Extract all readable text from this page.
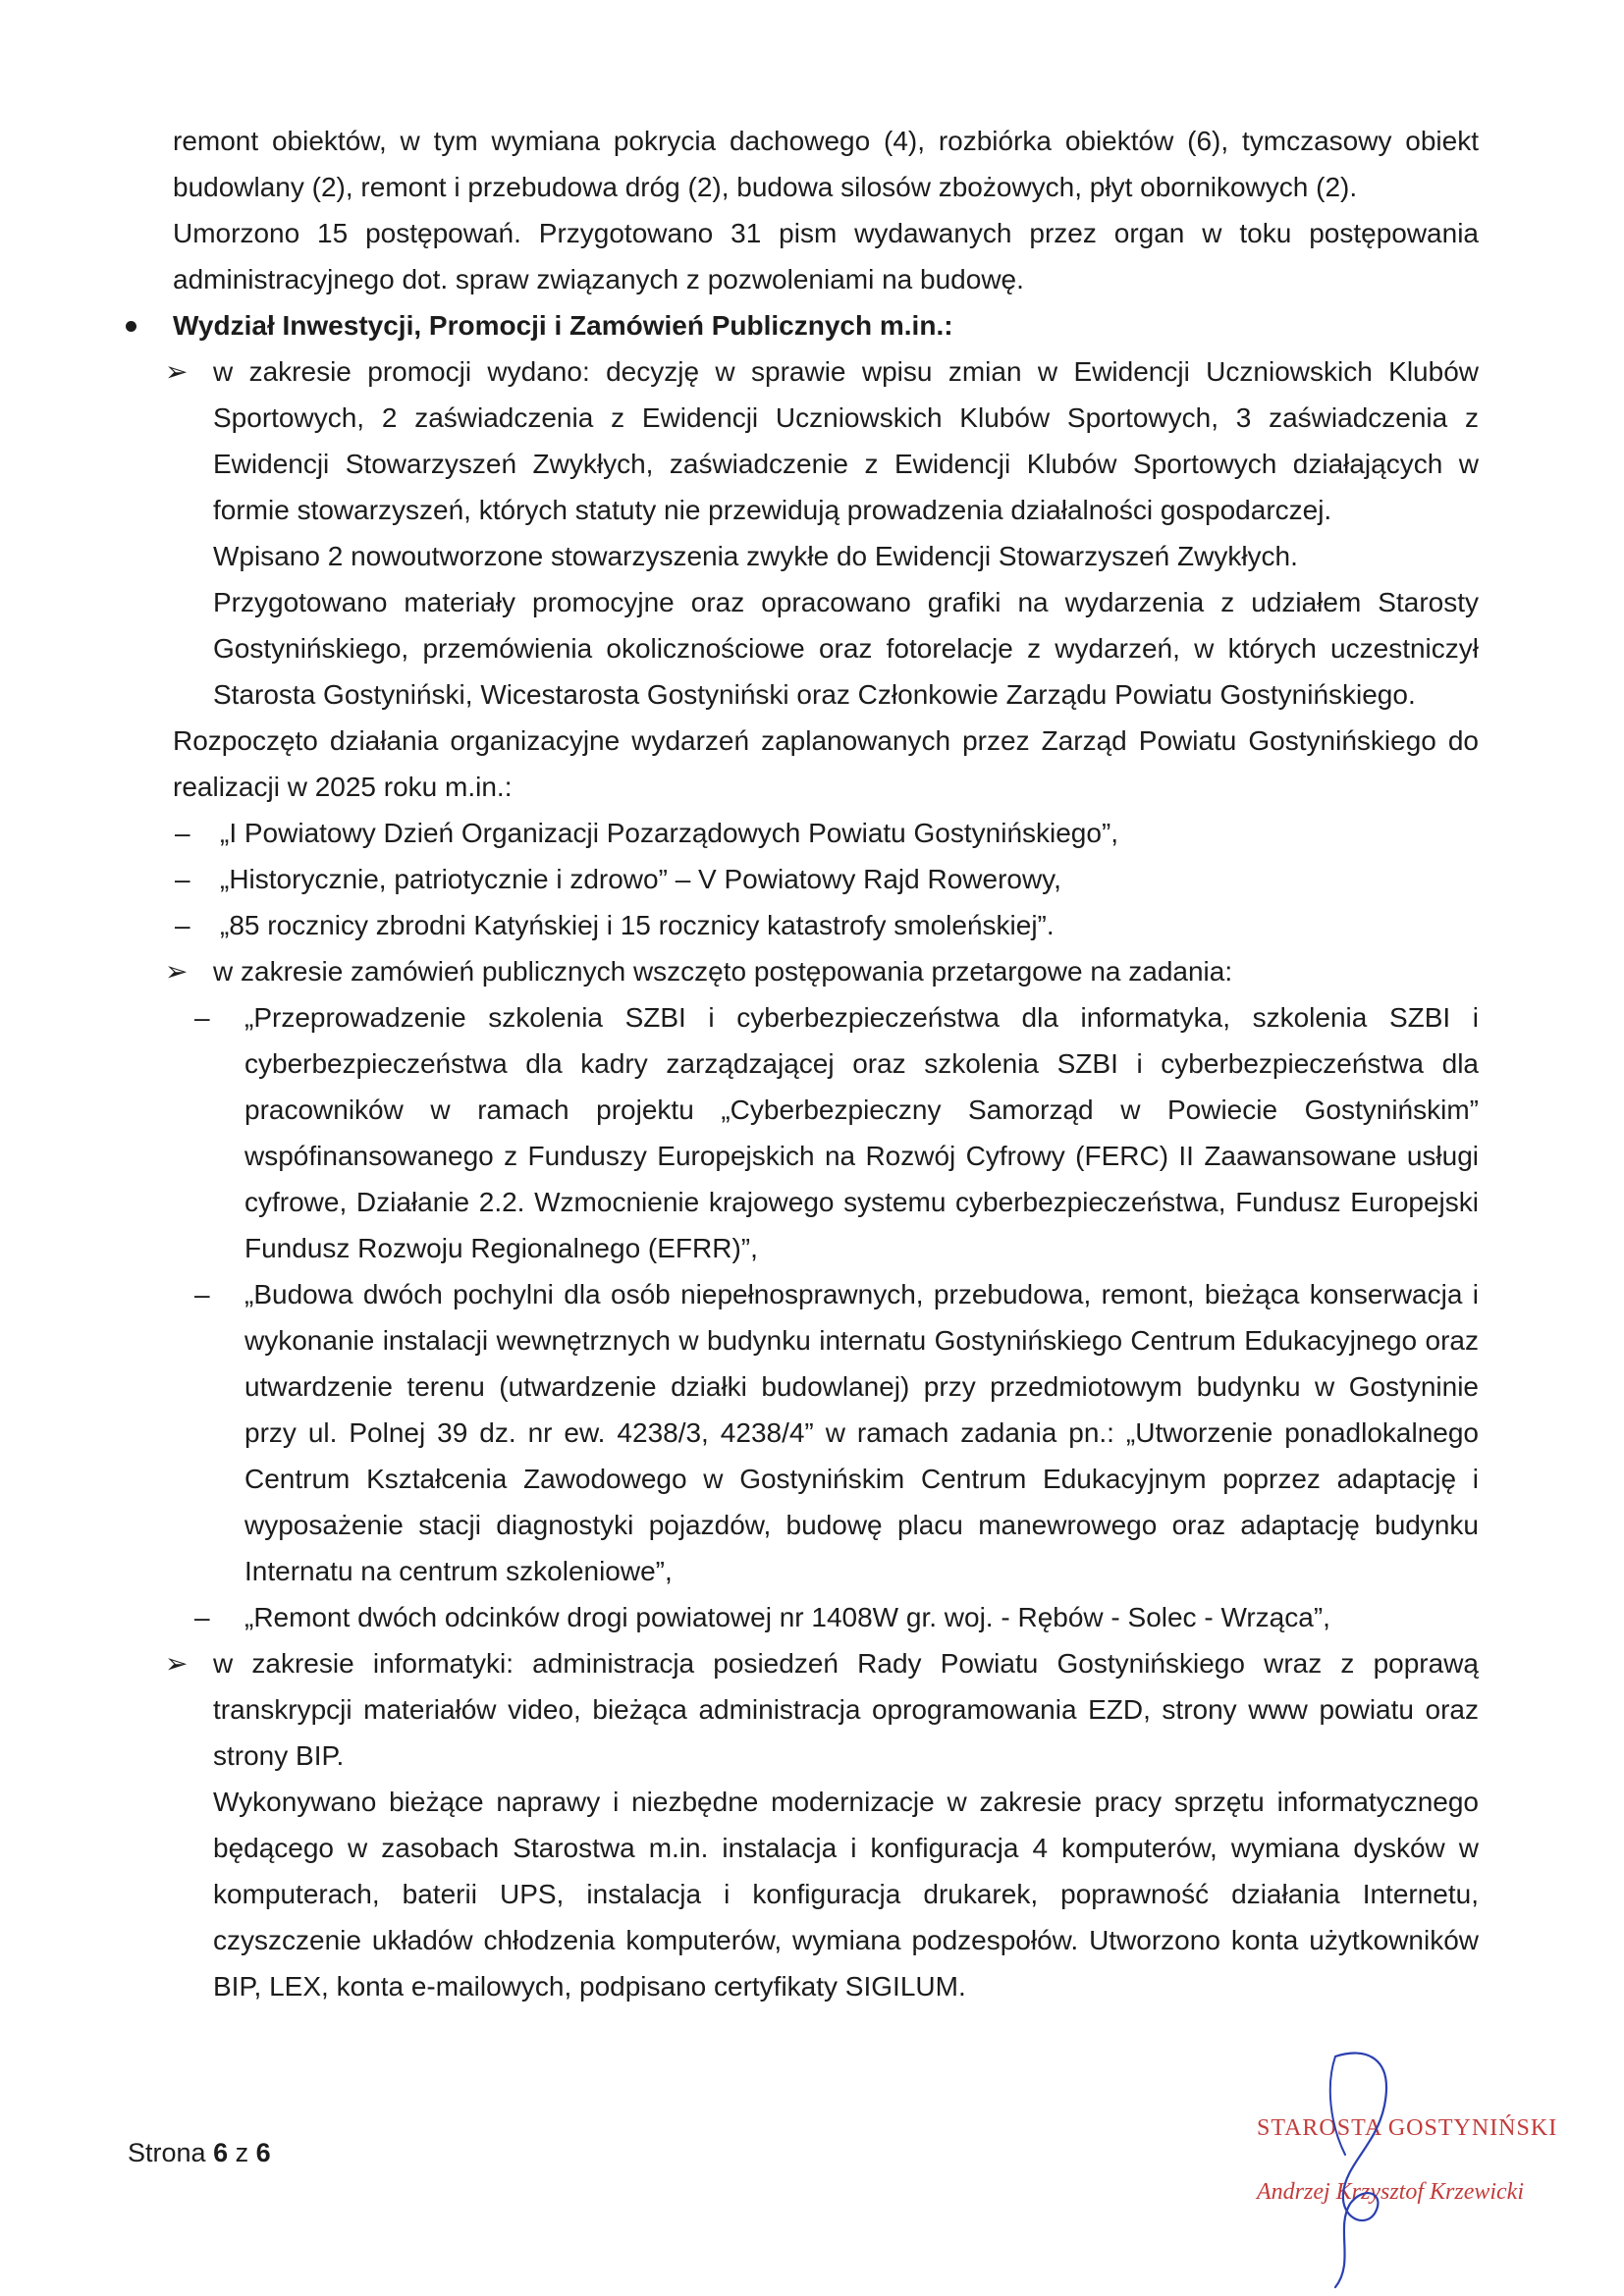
remont obiektów, w tym wymiana pokrycia dachowego (4), rozbiórka obiektów (6), tymczasowy obiekt budowlany (2), remont i przebudowa dróg (2), budowa silosów zbożowych, płyt obornikowych (2).

Umorzono 15 postępowań. Przygotowano 31 pism wydawanych przez organ w toku postępowania administracyjnego dot. spraw związanych z pozwoleniami na budowę.

Wydział Inwestycji, Promocji i Zamówień Publicznych m.in.:
➢ w zakresie promocji wydano: decyzję w sprawie wpisu zmian w Ewidencji Uczniowskich Klubów Sportowych, 2 zaświadczenia z Ewidencji Uczniowskich Klubów Sportowych, 3 zaświadczenia z Ewidencji Stowarzyszeń Zwykłych, zaświadczenie z Ewidencji Klubów Sportowych działających w formie stowarzyszeń, których statuty nie przewidują prowadzenia działalności gospodarczej.

Wpisano 2 nowoutworzone stowarzyszenia zwykłe do Ewidencji Stowarzyszeń Zwykłych.

Przygotowano materiały promocyjne oraz opracowano grafiki na wydarzenia z udziałem Starosty Gostynińskiego, przemówienia okolicznościowe oraz fotorelacje z wydarzeń, w których uczestniczył Starosta Gostyniński, Wicestarosta Gostyniński oraz Członkowie Zarządu Powiatu Gostynińskiego.

Rozpoczęto działania organizacyjne wydarzeń zaplanowanych przez Zarząd Powiatu Gostynińskiego do realizacji w 2025 roku m.in.:

– „I Powiatowy Dzień Organizacji Pozarządowych Powiatu Gostynińskiego”,
– „Historycznie, patriotycznie i zdrowo” – V Powiatowy Rajd Rowerowy,
– „85 rocznicy zbrodni Katyńskiej i 15 rocznicy katastrofy smoleńskiej”.
➢ w zakresie zamówień publicznych wszczęto postępowania przetargowe na zadania:

– „Przeprowadzenie szkolenia SZBI i cyberbezpieczeństwa dla informatyka, szkolenia SZBI i cyberbezpieczeństwa dla kadry zarządzającej oraz szkolenia SZBI i cyberbezpieczeństwa dla pracowników w ramach projektu „Cyberbezpieczny Samorząd w Powiecie Gostynińskim” wspófinansowanego z Funduszy Europejskich na Rozwój Cyfrowy (FERC) II Zaawansowane usługi cyfrowe, Działanie 2.2. Wzmocnienie krajowego systemu cyberbezpieczeństwa, Fundusz Europejski Fundusz Rozwoju Regionalnego (EFRR)”,
– „Budowa dwóch pochylni dla osób niepełnosprawnych, przebudowa, remont, bieżąca konserwacja i wykonanie instalacji wewnętrznych w budynku internatu Gostynińskiego Centrum Edukacyjnego oraz utwardzenie terenu (utwardzenie działki budowlanej) przy przedmiotowym budynku w Gostyninie przy ul. Polnej 39 dz. nr ew. 4238/3, 4238/4” w ramach zadania pn.: „Utworzenie ponadlokalnego Centrum Kształcenia Zawodowego w Gostynińskim Centrum Edukacyjnym poprzez adaptację i wyposażenie stacji diagnostyki pojazdów, budowę placu manewrowego oraz adaptację budynku Internatu na centrum szkoleniowe”,
– „Remont dwóch odcinków drogi powiatowej nr 1408W gr. woj. - Rębów - Solec - Wrząca”,
➢ w zakresie informatyki: administracja posiedzeń Rady Powiatu Gostynińskiego wraz z poprawą transkrypcji materiałów video, bieżąca administracja oprogramowania EZD, strony www powiatu oraz strony BIP.

Wykonywano bieżące naprawy i niezbędne modernizacje w zakresie pracy sprzętu informatycznego będącego w zasobach Starostwa m.in. instalacja i konfiguracja 4 komputerów, wymiana dysków w komputerach, baterii UPS, instalacja i konfiguracja drukarek, poprawność działania Internetu, czyszczenie układów chłodzenia komputerów, wymiana podzespołów. Utworzono konta użytkowników BIP, LEX, konta e-mailowych, podpisano certyfikaty SIGILUM.

Strona 6 z 6
STAROSTA GOSTYNIŃSKI
Andrzej Krzysztof Krzewicki
